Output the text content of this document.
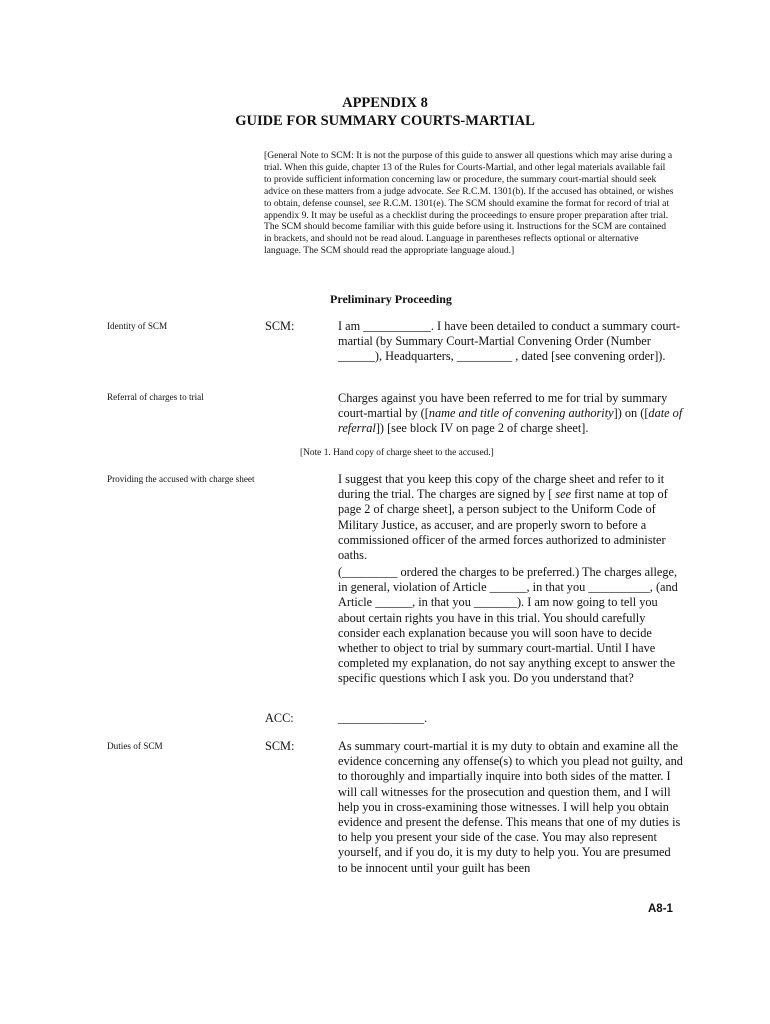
APPENDIX 8
GUIDE FOR SUMMARY COURTS-MARTIAL
[General Note to SCM: It is not the purpose of this guide to answer all questions which may arise during a trial. When this guide, chapter 13 of the Rules for Courts-Martial, and other legal materials available fail to provide sufficient information concerning law or procedure, the summary court-martial should seek advice on these matters from a judge advocate. See R.C.M. 1301(b). If the accused has obtained, or wishes to obtain, defense counsel, see R.C.M. 1301(e). The SCM should examine the format for record of trial at appendix 9. It may be useful as a checklist during the proceedings to ensure proper preparation after trial. The SCM should become familiar with this guide before using it. Instructions for the SCM are contained in brackets, and should not be read aloud. Language in parentheses reflects optional or alternative language. The SCM should read the appropriate language aloud.]
Preliminary Proceeding
Identity of SCM	SCM:	I am ___________. I have been detailed to conduct a summary court-martial (by Summary Court-Martial Convening Order (Number ______), Headquarters, _________ , dated [see convening order]).
Referral of charges to trial	Charges against you have been referred to me for trial by summary court-martial by ([name and title of convening authority]) on ([date of referral]) [see block IV on page 2 of charge sheet].
[Note 1. Hand copy of charge sheet to the accused.]
Providing the accused with charge sheet	I suggest that you keep this copy of the charge sheet and refer to it during the trial. The charges are signed by [ see first name at top of page 2 of charge sheet], a person subject to the Uniform Code of Military Justice, as accuser, and are properly sworn to before a commissioned officer of the armed forces authorized to administer oaths.
(_________ ordered the charges to be preferred.) The charges allege, in general, violation of Article ______, in that you __________, (and Article ______, in that you _______). I am now going to tell you about certain rights you have in this trial. You should carefully consider each explanation because you will soon have to decide whether to object to trial by summary court-martial. Until I have completed my explanation, do not say anything except to answer the specific questions which I ask you. Do you understand that?
ACC:	______________.
Duties of SCM	SCM:	As summary court-martial it is my duty to obtain and examine all the evidence concerning any offense(s) to which you plead not guilty, and to thoroughly and impartially inquire into both sides of the matter. I will call witnesses for the prosecution and question them, and I will help you in cross-examining those witnesses. I will help you obtain evidence and present the defense. This means that one of my duties is to help you present your side of the case. You may also represent yourself, and if you do, it is my duty to help you. You are presumed to be innocent until your guilt has been
A8-1
